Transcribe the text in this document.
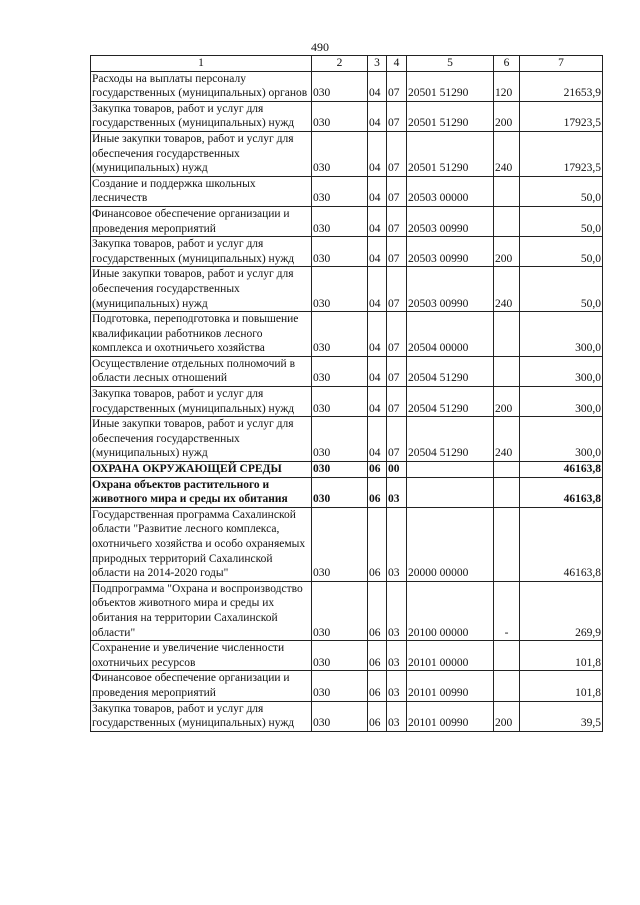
490
1	2	3	4	5	6	7
Расходы на выплаты персоналу государственных (муниципальных) органов	030	04	07	20501 51290	120	21653,9
Закупка товаров, работ и услуг для государственных (муниципальных) нужд	030	04	07	20501 51290	200	17923,5
Иные закупки товаров, работ и услуг для обеспечения государственных (муниципальных) нужд	030	04	07	20501 51290	240	17923,5
Создание и поддержка школьных лесничеств	030	04	07	20503 00000		50,0
Финансовое обеспечение организации и проведения мероприятий	030	04	07	20503 00990		50,0
Закупка товаров, работ и услуг для государственных (муниципальных) нужд	030	04	07	20503 00990	200	50,0
Иные закупки товаров, работ и услуг для обеспечения государственных (муниципальных) нужд	030	04	07	20503 00990	240	50,0
Подготовка, переподготовка и повышение квалификации работников лесного комплекса и охотничьего хозяйства	030	04	07	20504 00000		300,0
Осуществление отдельных полномочий в области лесных отношений	030	04	07	20504 51290		300,0
Закупка товаров, работ и услуг для государственных (муниципальных) нужд	030	04	07	20504 51290	200	300,0
Иные закупки товаров, работ и услуг для обеспечения государственных (муниципальных) нужд	030	04	07	20504 51290	240	300,0
ОХРАНА ОКРУЖАЮЩЕЙ СРЕДЫ	030	06	00			46163,8
Охрана объектов растительного и животного мира и среды их обитания	030	06	03			46163,8
Государственная программа Сахалинской области "Развитие лесного комплекса, охотничьего хозяйства и особо охраняемых природных территорий Сахалинской области на 2014-2020 годы"	030	06	03	20000 00000		46163,8
Подпрограмма "Охрана и воспроизводство объектов животного мира и среды их обитания на территории Сахалинской области"	030	06	03	20100 00000	-	269,9
Сохранение и увеличение численности охотничьих ресурсов	030	06	03	20101 00000		101,8
Финансовое обеспечение организации и проведения мероприятий	030	06	03	20101 00990		101,8
Закупка товаров, работ и услуг для государственных (муниципальных) нужд	030	06	03	20101 00990	200	39,5
